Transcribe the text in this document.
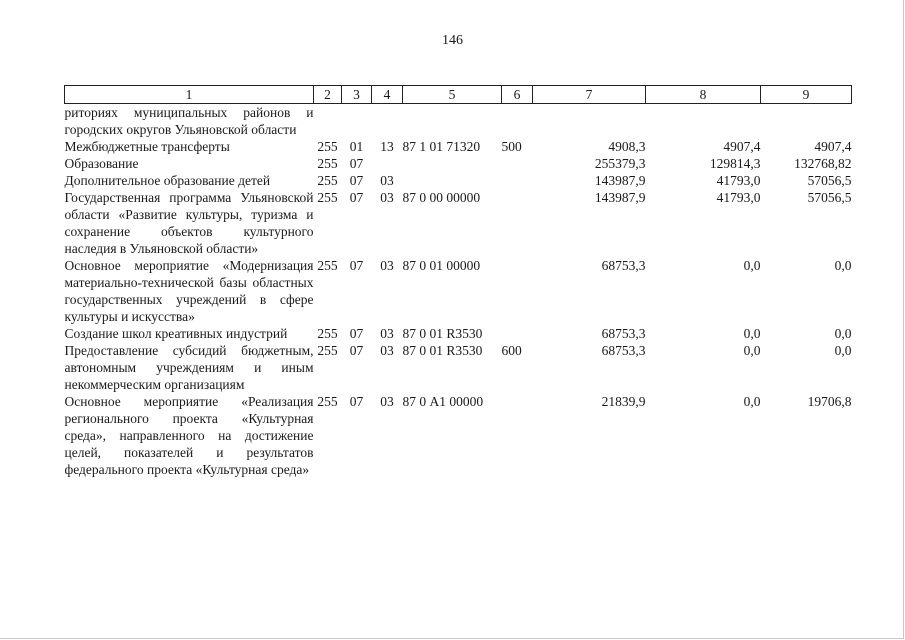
146
1	2	3	4	5	6	7	8	9
риториях муниципальных районов и городских округов Ульяновской области								
Межбюджетные трансферты	255	01	13	87 1 01 71320	500	4908,3	4907,4	4907,4
Образование	255	07				255379,3	129814,3	132768,82
Дополнительное образование детей	255	07	03			143987,9	41793,0	57056,5
Государственная программа Ульяновской области «Развитие культуры, туризма и сохранение объектов культурного наследия в Ульяновской области»	255	07	03	87 0 00 00000		143987,9	41793,0	57056,5
Основное мероприятие «Модернизация материально-технической базы областных государственных учреждений в сфере культуры и искусства»	255	07	03	87 0 01 00000		68753,3	0,0	0,0
Создание школ креативных индустрий	255	07	03	87 0 01 R3530		68753,3	0,0	0,0
Предоставление субсидий бюджетным, автономным учреждениям и иным некоммерческим организациям	255	07	03	87 0 01 R3530	600	68753,3	0,0	0,0
Основное мероприятие «Реализация регионального проекта «Культурная среда», направленного на достижение целей, показателей и результатов федерального проекта «Культурная среда»	255	07	03	87 0 А1 00000		21839,9	0,0	19706,8
